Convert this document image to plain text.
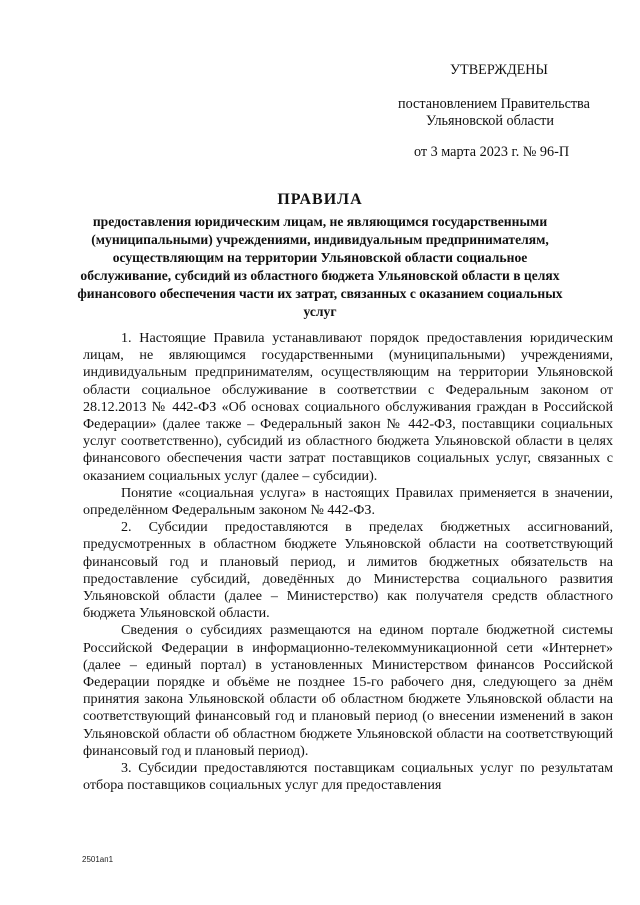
УТВЕРЖДЕНЫ
постановлением Правительства
Ульяновской области
от 3 марта 2023 г. № 96-П
ПРАВИЛА
предоставления юридическим лицам, не являющимся государственными (муниципальными) учреждениями, индивидуальным предпринимателям, осуществляющим на территории Ульяновской области социальное обслуживание, субсидий из областного бюджета Ульяновской области в целях финансового обеспечения части их затрат, связанных с оказанием социальных услуг

1. Настоящие Правила устанавливают порядок предоставления юридическим лицам, не являющимся государственными (муниципальными) учреждениями, индивидуальным предпринимателям, осуществляющим на территории Ульяновской области социальное обслуживание в соответствии с Федеральным законом от 28.12.2013 № 442-ФЗ «Об основах социального обслуживания граждан в Российской Федерации» (далее также – Федеральный закон № 442-ФЗ, поставщики социальных услуг соответственно), субсидий из областного бюджета Ульяновской области в целях финансового обеспечения части затрат поставщиков социальных услуг, связанных с оказанием социальных услуг (далее – субсидии).

Понятие «социальная услуга» в настоящих Правилах применяется в значении, определённом Федеральным законом № 442-ФЗ.

2. Субсидии предоставляются в пределах бюджетных ассигнований, предусмотренных в областном бюджете Ульяновской области на соответствующий финансовый год и плановый период, и лимитов бюджетных обязательств на предоставление субсидий, доведённых до Министерства социального развития Ульяновской области (далее – Министерство) как получателя средств областного бюджета Ульяновской области.

Сведения о субсидиях размещаются на едином портале бюджетной системы Российской Федерации в информационно-телекоммуникационной сети «Интернет» (далее – единый портал) в установленных Министерством финансов Российской Федерации порядке и объёме не позднее 15-го рабочего дня, следующего за днём принятия закона Ульяновской области об областном бюджете Ульяновской области на соответствующий финансовый год и плановый период (о внесении изменений в закон Ульяновской области об областном бюджете Ульяновской области на соответствующий финансовый год и плановый период).

3. Субсидии предоставляются поставщикам социальных услуг по результатам отбора поставщиков социальных услуг для предоставления

2501ап1
